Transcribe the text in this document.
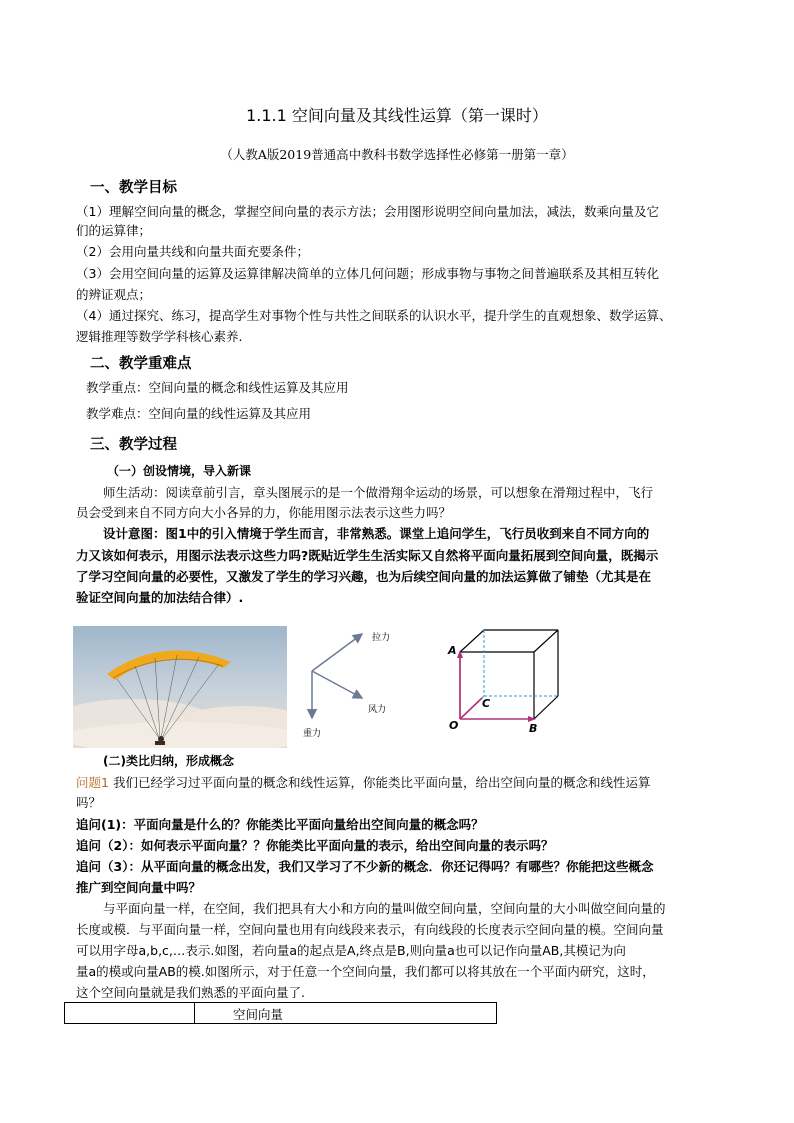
1.1.1 空间向量及其线性运算（第一课时）
（人教A版2019普通高中教科书数学选择性必修第一册第一章）
一、教学目标
（1）理解空间向量的概念，掌握空间向量的表示方法；会用图形说明空间向量加法，减法，数乘向量及它
们的运算律；
（2）会用向量共线和向量共面充要条件；
（3）会用空间向量的运算及运算律解决简单的立体几何问题；形成事物与事物之间普遍联系及其相互转化
的辨证观点；
（4）通过探究、练习，提高学生对事物个性与共性之间联系的认识水平，提升学生的直观想象、数学运算、
逻辑推理等数学学科核心素养.
二、教学重难点
教学重点：空间向量的概念和线性运算及其应用
教学难点：空间向量的线性运算及其应用
三、教学过程
（一）创设情境，导入新课
师生活动：阅读章前引言，章头图展示的是一个做滑翔伞运动的场景，可以想象在滑翔过程中，飞行
员会受到来自不同方向大小各异的力，你能用图示法表示这些力吗？
设计意图：图1中的引入情境于学生而言，非常熟悉。课堂上追问学生，飞行员收到来自不同方向的
力又该如何表示，用图示法表示这些力吗?既贴近学生生活实际又自然将平面向量拓展到空间向量，既揭示
了学习空间向量的必要性，又激发了学生的学习兴趣，也为后续空间向量的加法运算做了铺垫（尤其是在
验证空间向量的加法结合律）.
拉力
风力
重力
A
O
C
B
(二)类比归纳，形成概念
问题1 我们已经学习过平面向量的概念和线性运算，你能类比平面向量，给出空间向量的概念和线性运算
吗？
追问(1)：平面向量是什么的？你能类比平面向量给出空间向量的概念吗？
追问（2）：如何表示平面向量？？你能类比平面向量的表示，给出空间向量的表示吗？
追问（3）：从平面向量的概念出发，我们又学习了不少新的概念．你还记得吗？有哪些？你能把这些概念
推广到空间向量中吗？
与平面向量一样，在空间，我们把具有大小和方向的量叫做空间向量，空间向量的大小叫做空间向量的
长度或模．与平面向量一样，空间向量也用有向线段来表示，有向线段的长度表示空间向量的模。空间向量
可以用字母a,b,c,…表示.如图，若向量a的起点是A,终点是B,则向量a也可以记作向量AB,其模记为向
量a的模或向量AB的模.如图所示，对于任意一个空间向量，我们都可以将其放在一个平面内研究，这时，
这个空间向量就是我们熟悉的平面向量了.
空间向量
